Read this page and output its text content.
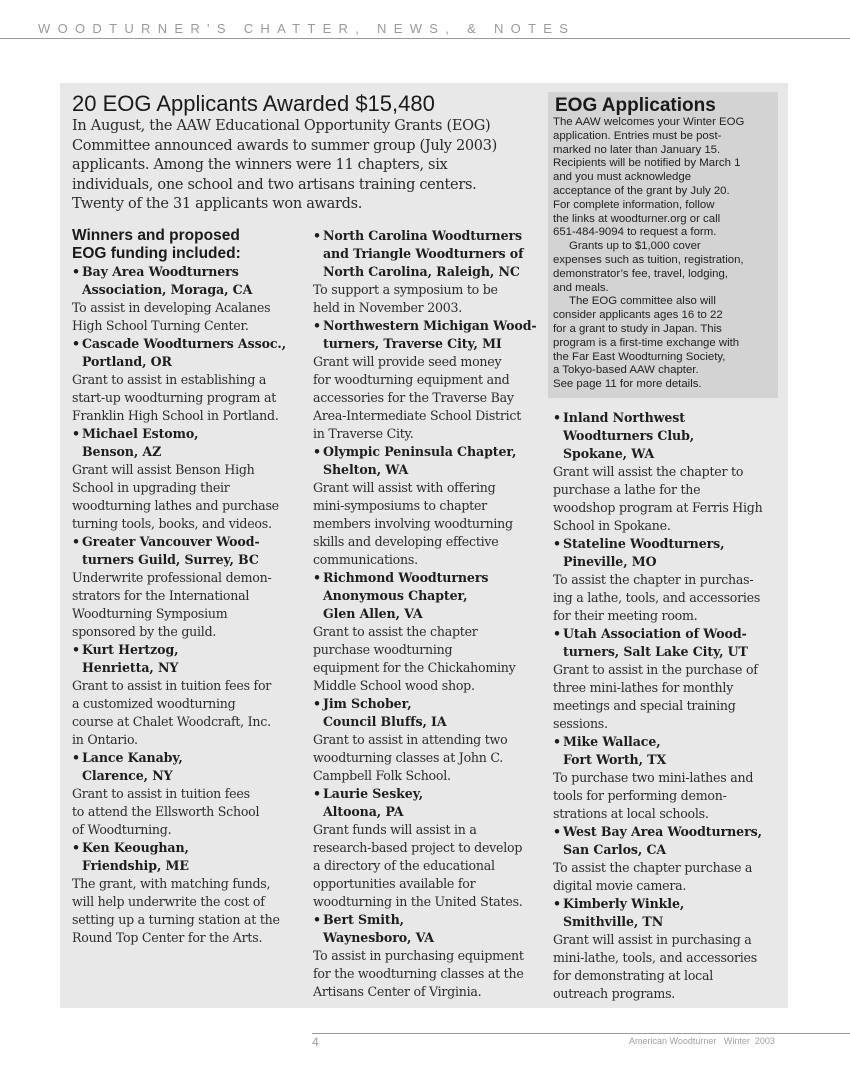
WOODTURNER'S CHATTER, NEWS, & NOTES
20 EOG Applicants Awarded $15,480

In August, the AAW Educational Opportunity Grants (EOG)

Committee announced awards to summer group (July 2003)

applicants. Among the winners were 11 chapters, six

individuals, one school and two artisans training centers.

Twenty of the 31 applicants won awards.

EOG Applications
The AAW welcomes your Winter EOG
application. Entries must be post-
marked no later than January 15.
Recipients will be notified by March 1
and you must acknowledge
acceptance of the grant by July 20.
For complete information, follow
the links at woodturner.org or call
651-484-9094 to request a form.
Grants up to $1,000 cover
expenses such as tuition, registration,
demonstrator’s fee, travel, lodging,
and meals.
The EOG committee also will
consider applicants ages 16 to 22
for a grant to study in Japan. This
program is a first-time exchange with
the Far East Woodturning Society,
a Tokyo-based AAW chapter.
See page 11 for more details.
Winners and proposed
EOG funding included:
• Bay Area Woodturners
Association, Moraga, CA
To assist in developing Acalanes
High School Turning Center.
• Cascade Woodturners Assoc.,
Portland, OR
Grant to assist in establishing a
start-up woodturning program at
Franklin High School in Portland.
• Michael Estomo,
Benson, AZ
Grant will assist Benson High
School in upgrading their
woodturning lathes and purchase
turning tools, books, and videos.
• Greater Vancouver Wood-
turners Guild, Surrey, BC
Underwrite professional demon-
strators for the International
Woodturning Symposium
sponsored by the guild.
• Kurt Hertzog,
Henrietta, NY
Grant to assist in tuition fees for
a customized woodturning
course at Chalet Woodcraft, Inc.
in Ontario.
• Lance Kanaby,
Clarence, NY
Grant to assist in tuition fees
to attend the Ellsworth School
of Woodturning.
• Ken Keoughan,
Friendship, ME
The grant, with matching funds,
will help underwrite the cost of
setting up a turning station at the
Round Top Center for the Arts.
• North Carolina Woodturners
and Triangle Woodturners of
North Carolina, Raleigh, NC
To support a symposium to be
held in November 2003.
• Northwestern Michigan Wood-
turners, Traverse City, MI
Grant will provide seed money
for woodturning equipment and
accessories for the Traverse Bay
Area-Intermediate School District
in Traverse City.
• Olympic Peninsula Chapter,
Shelton, WA
Grant will assist with offering
mini-symposiums to chapter
members involving woodturning
skills and developing effective
communications.
• Richmond Woodturners
Anonymous Chapter,
Glen Allen, VA
Grant to assist the chapter
purchase woodturning
equipment for the Chickahominy
Middle School wood shop.
• Jim Schober,
Council Bluffs, IA
Grant to assist in attending two
woodturning classes at John C.
Campbell Folk School.
• Laurie Seskey,
Altoona, PA
Grant funds will assist in a
research-based project to develop
a directory of the educational
opportunities available for
woodturning in the United States.
• Bert Smith,
Waynesboro, VA
To assist in purchasing equipment
for the woodturning classes at the
Artisans Center of Virginia.
• Inland Northwest
Woodturners Club,
Spokane, WA
Grant will assist the chapter to
purchase a lathe for the
woodshop program at Ferris High
School in Spokane.
• Stateline Woodturners,
Pineville, MO
To assist the chapter in purchas-
ing a lathe, tools, and accessories
for their meeting room.
• Utah Association of Wood-
turners, Salt Lake City, UT
Grant to assist in the purchase of
three mini-lathes for monthly
meetings and special training
sessions.
• Mike Wallace,
Fort Worth, TX
To purchase two mini-lathes and
tools for performing demon-
strations at local schools.
• West Bay Area Woodturners,
San Carlos, CA
To assist the chapter purchase a
digital movie camera.
• Kimberly Winkle,
Smithville, TN
Grant will assist in purchasing a
mini-lathe, tools, and accessories
for demonstrating at local
outreach programs.
4	American Woodturner   Winter  2003
